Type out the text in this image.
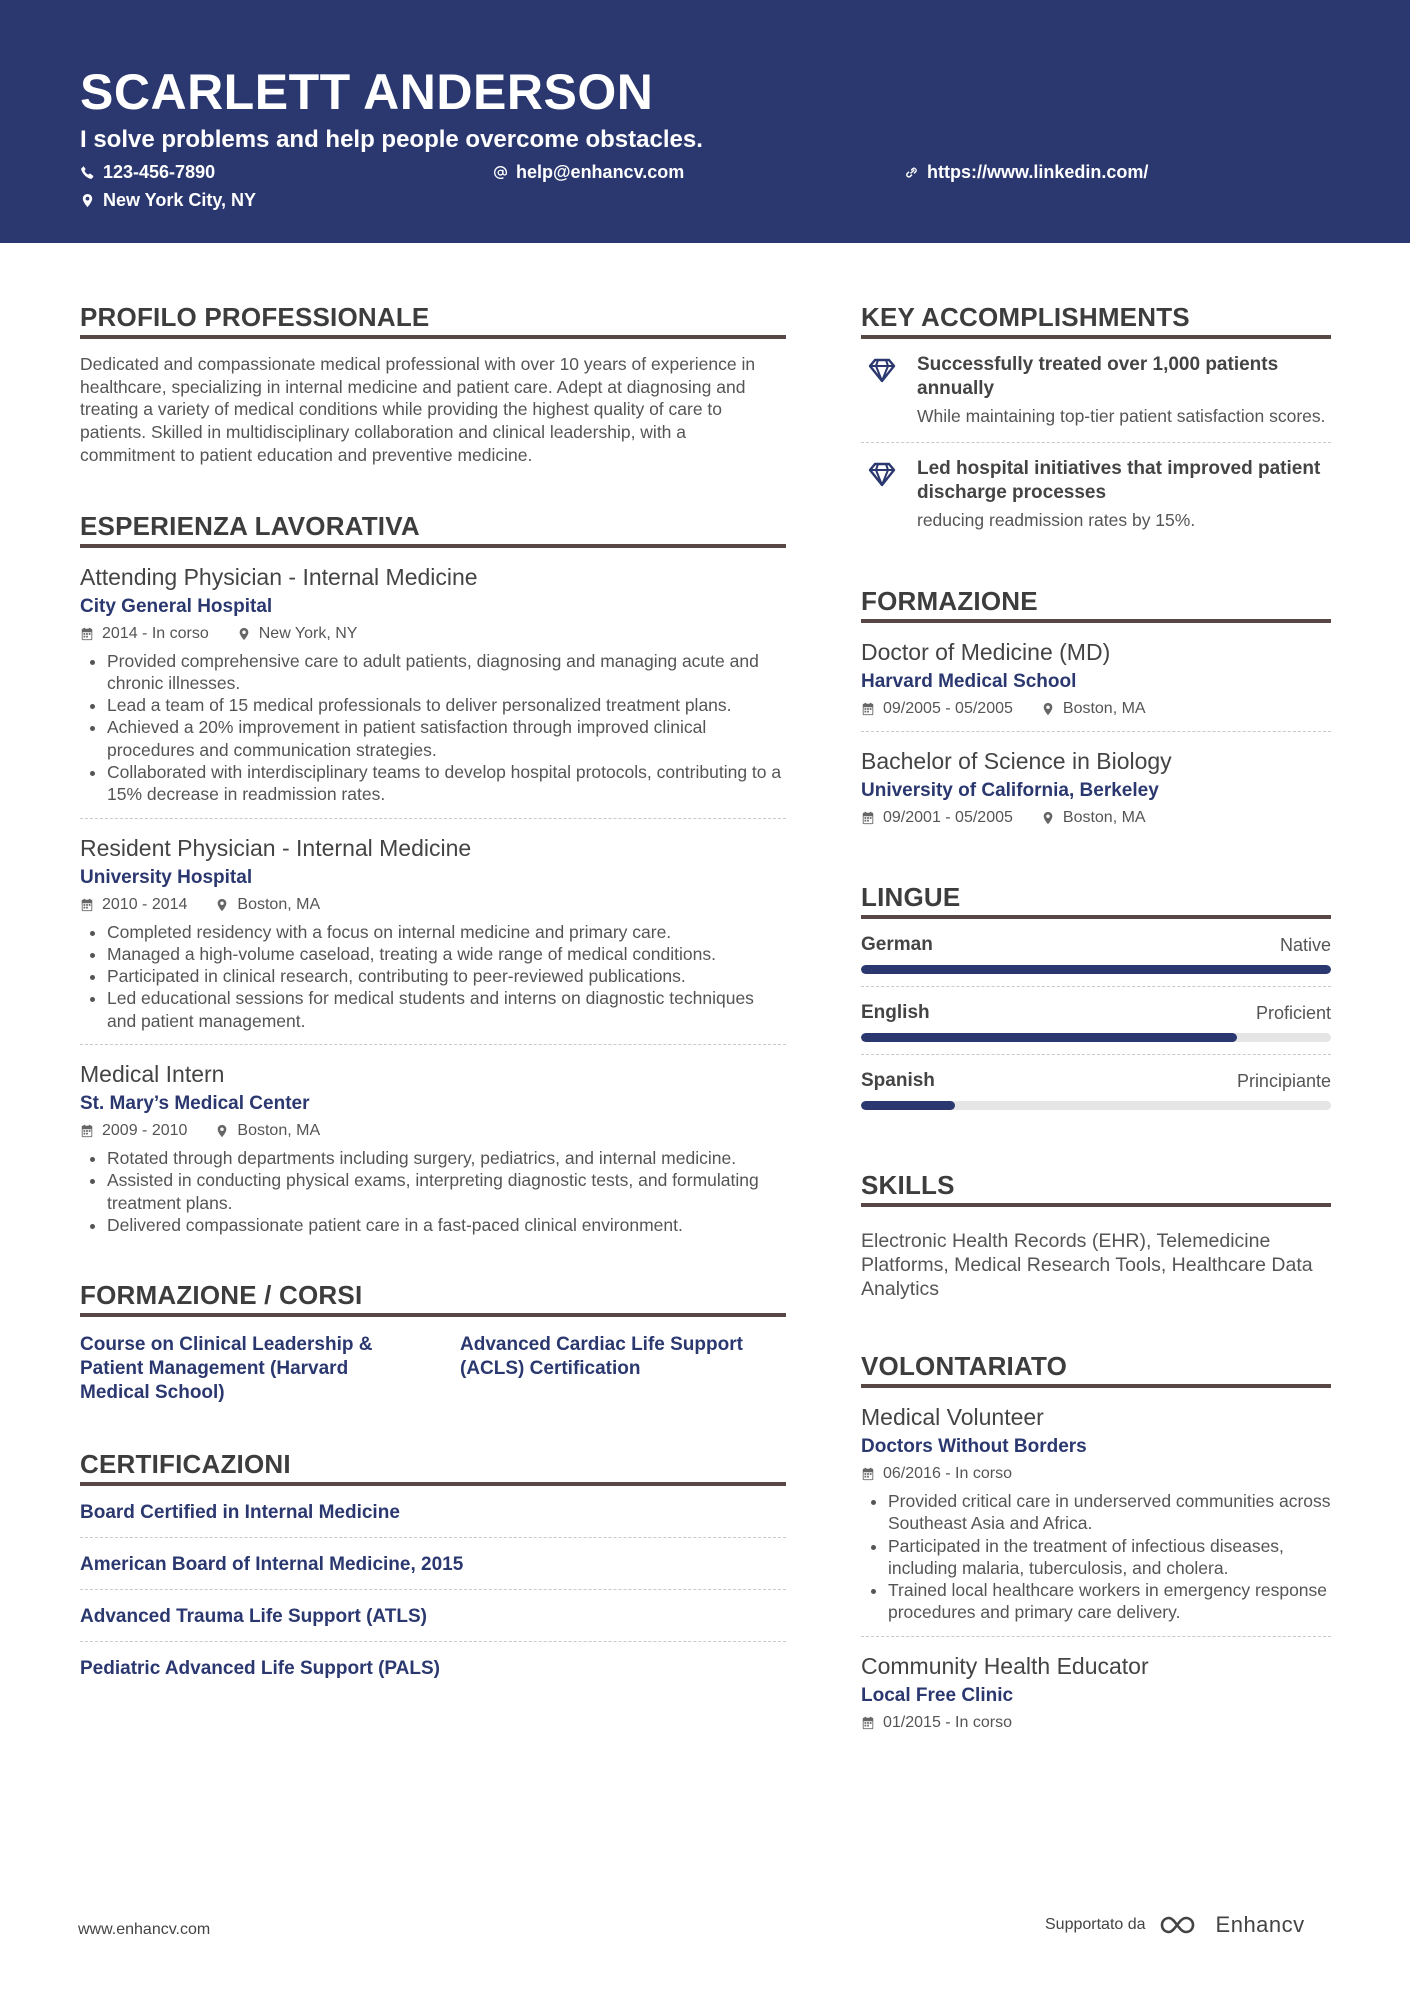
SCARLETT ANDERSON
I solve problems and help people overcome obstacles.
123-456-7890	help@enhancv.com	https://www.linkedin.com/
New York City, NY
PROFILO PROFESSIONALE
Dedicated and compassionate medical professional with over 10 years of experience in healthcare, specializing in internal medicine and patient care. Adept at diagnosing and treating a variety of medical conditions while providing the highest quality of care to patients. Skilled in multidisciplinary collaboration and clinical leadership, with a commitment to patient education and preventive medicine.
ESPERIENZA LAVORATIVA
Attending Physician - Internal Medicine
City General Hospital
2014 - In corso	New York, NY
• Provided comprehensive care to adult patients, diagnosing and managing acute and chronic illnesses.
• Lead a team of 15 medical professionals to deliver personalized treatment plans.
• Achieved a 20% improvement in patient satisfaction through improved clinical procedures and communication strategies.
• Collaborated with interdisciplinary teams to develop hospital protocols, contributing to a 15% decrease in readmission rates.
Resident Physician - Internal Medicine
University Hospital
2010 - 2014	Boston, MA
• Completed residency with a focus on internal medicine and primary care.
• Managed a high-volume caseload, treating a wide range of medical conditions.
• Participated in clinical research, contributing to peer-reviewed publications.
• Led educational sessions for medical students and interns on diagnostic techniques and patient management.
Medical Intern
St. Mary’s Medical Center
2009 - 2010	Boston, MA
• Rotated through departments including surgery, pediatrics, and internal medicine.
• Assisted in conducting physical exams, interpreting diagnostic tests, and formulating treatment plans.
• Delivered compassionate patient care in a fast-paced clinical environment.
FORMAZIONE / CORSI
Course on Clinical Leadership & Patient Management (Harvard Medical School)
Advanced Cardiac Life Support (ACLS) Certification
CERTIFICAZIONI
Board Certified in Internal Medicine
American Board of Internal Medicine, 2015
Advanced Trauma Life Support (ATLS)
Pediatric Advanced Life Support (PALS)
KEY ACCOMPLISHMENTS
Successfully treated over 1,000 patients annually
While maintaining top-tier patient satisfaction scores.
Led hospital initiatives that improved patient discharge processes
reducing readmission rates by 15%.
FORMAZIONE
Doctor of Medicine (MD)
Harvard Medical School
09/2005 - 05/2005	Boston, MA
Bachelor of Science in Biology
University of California, Berkeley
09/2001 - 05/2005	Boston, MA
LINGUE
German	Native
English	Proficient
Spanish	Principiante
SKILLS
Electronic Health Records (EHR), Telemedicine Platforms, Medical Research Tools, Healthcare Data Analytics
VOLONTARIATO
Medical Volunteer
Doctors Without Borders
06/2016 - In corso
• Provided critical care in underserved communities across Southeast Asia and Africa.
• Participated in the treatment of infectious diseases, including malaria, tuberculosis, and cholera.
• Trained local healthcare workers in emergency response procedures and primary care delivery.
Community Health Educator
Local Free Clinic
01/2015 - In corso
www.enhancv.com	Supportato da	Enhancv
